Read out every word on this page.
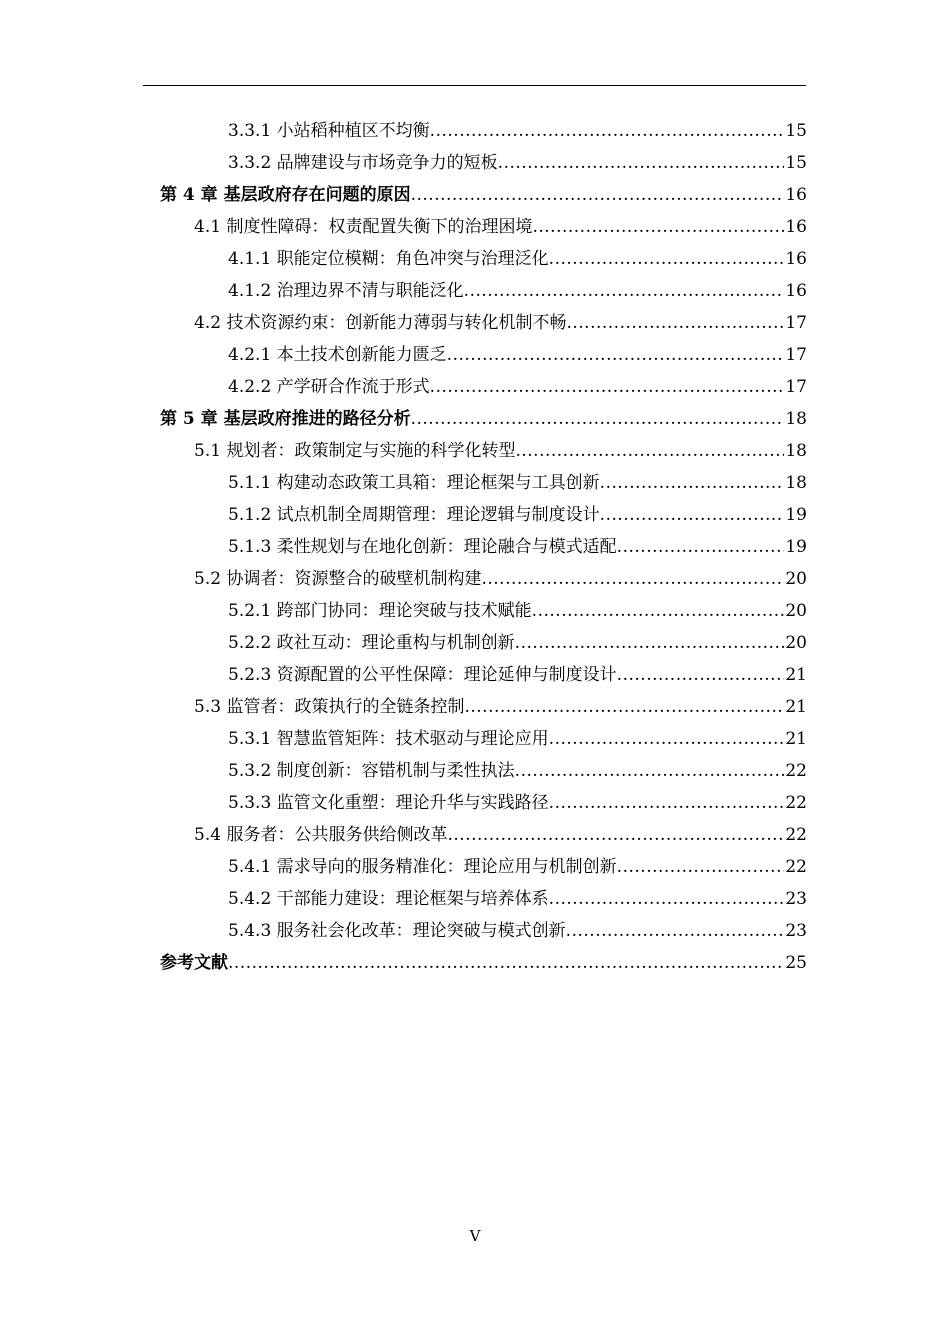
3.3.1 小站稻种植区不均衡 .....	15
3.3.2 品牌建设与市场竞争力的短板 .....	15
第 4 章 基层政府存在问题的原因 .....	16
4.1 制度性障碍：权责配置失衡下的治理困境 .....	16
4.1.1 职能定位模糊：角色冲突与治理泛化 .....	16
4.1.2 治理边界不清与职能泛化 .....	16
4.2 技术资源约束：创新能力薄弱与转化机制不畅 .....	17
4.2.1 本土技术创新能力匮乏 .....	17
4.2.2 产学研合作流于形式 .....	17
第 5 章 基层政府推进的路径分析 .....	18
5.1 规划者：政策制定与实施的科学化转型 .....	18
5.1.1 构建动态政策工具箱：理论框架与工具创新 .....	18
5.1.2 试点机制全周期管理：理论逻辑与制度设计 .....	19
5.1.3 柔性规划与在地化创新：理论融合与模式适配 .....	19
5.2 协调者：资源整合的破壁机制构建 .....	20
5.2.1 跨部门协同：理论突破与技术赋能 .....	20
5.2.2 政社互动：理论重构与机制创新 .....	20
5.2.3 资源配置的公平性保障：理论延伸与制度设计 .....	21
5.3 监管者：政策执行的全链条控制 .....	21
5.3.1 智慧监管矩阵：技术驱动与理论应用 .....	21
5.3.2 制度创新：容错机制与柔性执法 .....	22
5.3.3 监管文化重塑：理论升华与实践路径 .....	22
5.4 服务者：公共服务供给侧改革 .....	22
5.4.1 需求导向的服务精准化：理论应用与机制创新 .....	22
5.4.2 干部能力建设：理论框架与培养体系 .....	23
5.4.3 服务社会化改革：理论突破与模式创新 .....	23
参考文献 .....	25
V
